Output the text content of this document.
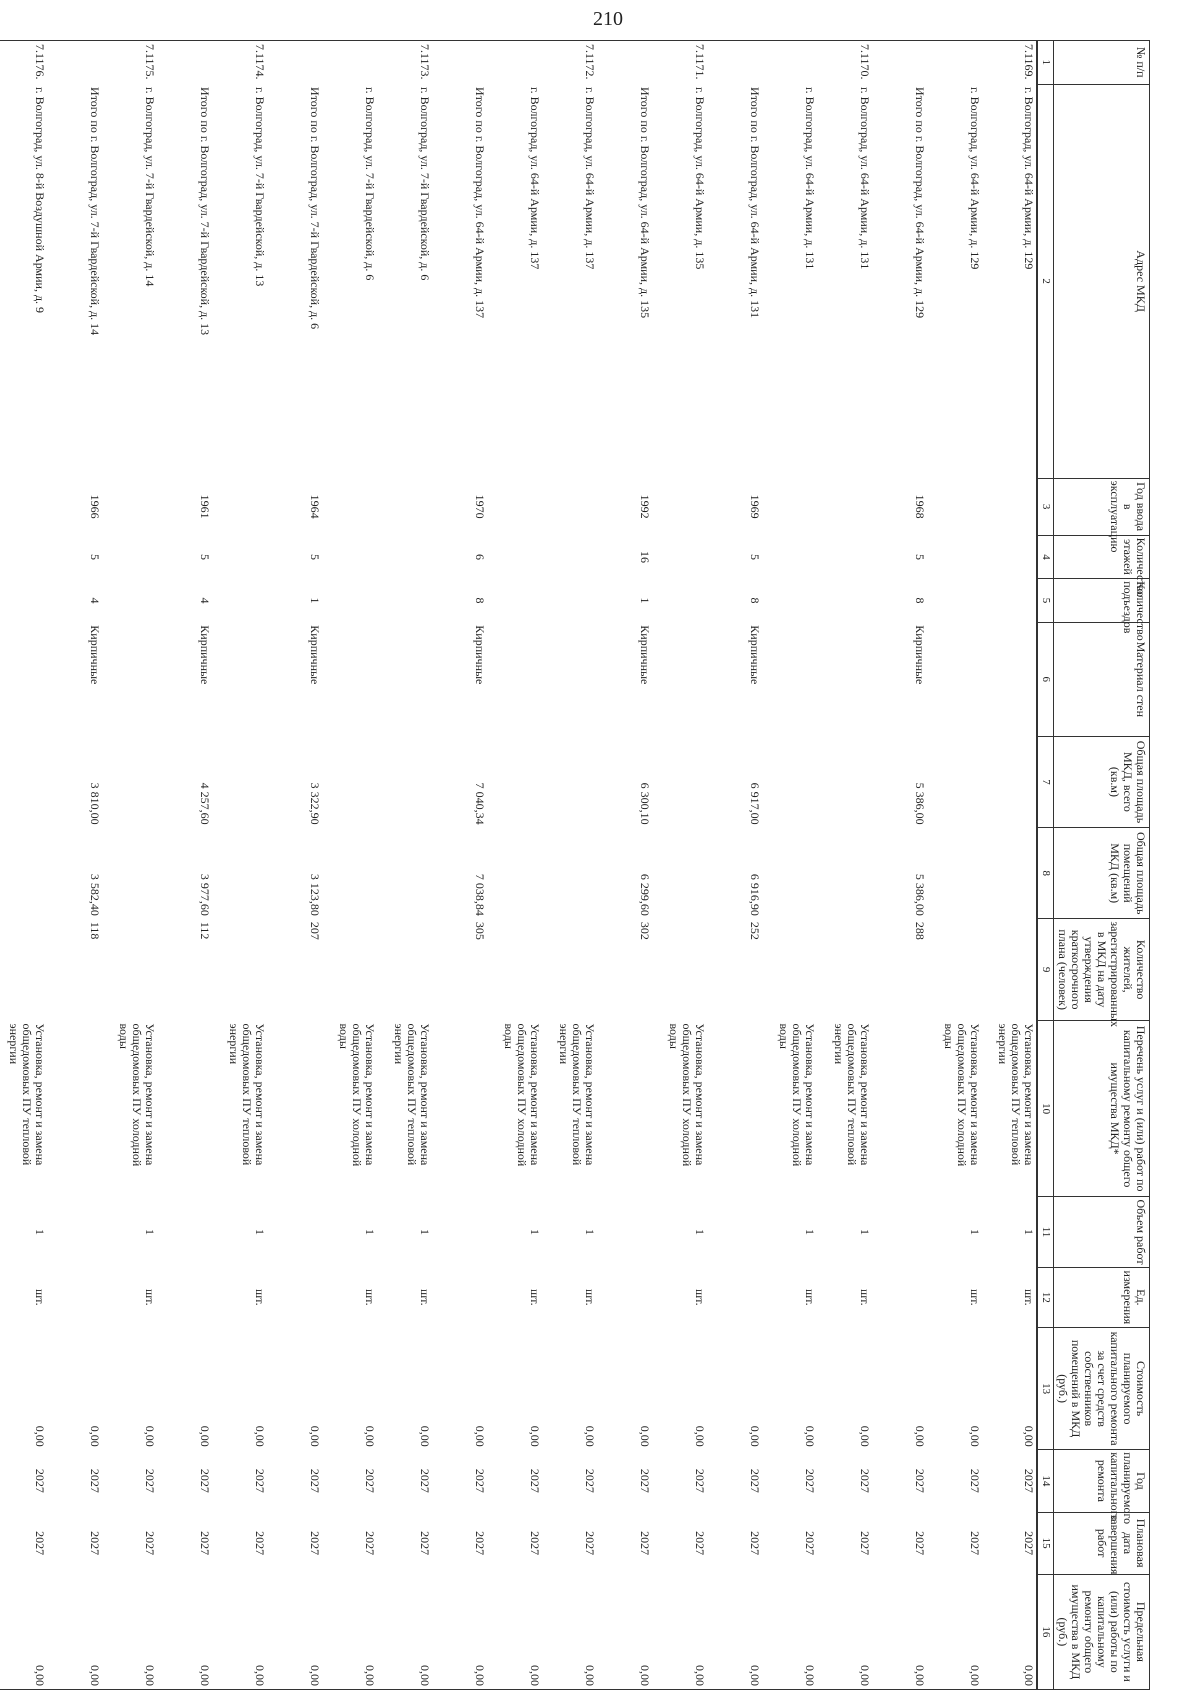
210
№ п/п	Адрес МКД	Год ввода в эксплуатацию	Количество этажей	Количество подъездов	Материал стен	Общая площадь МКД, всего (кв.м)	Общая площадь помещений МКД (кв.м)	Количество жителей, зарегистрированных в МКД на дату утверждения краткосрочного плана (человек)	Перечень услуг и (или) работ по капитальному ремонту общего имущества МКД*	Объем работ	Ед. измерения	Стоимость планируемого капитального ремонта за счет средств собственников помещений в МКД (руб.)	Год планируемого капитального ремонта	Плановая дата завершения работ	Предельная стоимость услуги и (или) работы по капитальному ремонту общего имущества в МКД (руб.)
1	2	3	4	5	6	7	8	9	10	11	12	13	14	15	16
7.1169.	г. Волгоград, ул. 64-й Армии, д. 129								Установка, ремонт и замена общедомовых ПУ тепловой энергии	1	шт.	0,00	2027	2027	0,00
	г. Волгоград, ул. 64-й Армии, д. 129								Установка, ремонт и замена общедомовых ПУ холодной воды	1	шт.	0,00	2027	2027	0,00
	Итого по г. Волгоград, ул. 64-й Армии, д. 129	1968	5	8	Кирпичные	5 386,00	5 386,00	288				0,00	2027	2027	0,00
7.1170.	г. Волгоград, ул. 64-й Армии, д. 131								Установка, ремонт и замена общедомовых ПУ тепловой энергии	1	шт.	0,00	2027	2027	0,00
	г. Волгоград, ул. 64-й Армии, д. 131								Установка, ремонт и замена общедомовых ПУ холодной воды	1	шт.	0,00	2027	2027	0,00
	Итого по г. Волгоград, ул. 64-й Армии, д. 131	1969	5	8	Кирпичные	6 917,00	6 916,90	252				0,00	2027	2027	0,00
7.1171.	г. Волгоград, ул. 64-й Армии, д. 135								Установка, ремонт и замена общедомовых ПУ холодной воды	1	шт.	0,00	2027	2027	0,00
	Итого по г. Волгоград, ул. 64-й Армии, д. 135	1992	16	1	Кирпичные	6 300,10	6 299,60	302				0,00	2027	2027	0,00
7.1172.	г. Волгоград, ул. 64-й Армии, д. 137								Установка, ремонт и замена общедомовых ПУ тепловой энергии	1	шт.	0,00	2027	2027	0,00
	г. Волгоград, ул. 64-й Армии, д. 137								Установка, ремонт и замена общедомовых ПУ холодной воды	1	шт.	0,00	2027	2027	0,00
	Итого по г. Волгоград, ул. 64-й Армии, д. 137	1970	6	8	Кирпичные	7 040,34	7 038,84	305				0,00	2027	2027	0,00
7.1173.	г. Волгоград, ул. 7-й Гвардейской, д. 6								Установка, ремонт и замена общедомовых ПУ тепловой энергии	1	шт.	0,00	2027	2027	0,00
	г. Волгоград, ул. 7-й Гвардейской, д. 6								Установка, ремонт и замена общедомовых ПУ холодной воды	1	шт.	0,00	2027	2027	0,00
	Итого по г. Волгоград, ул. 7-й Гвардейской, д. 6	1964	5	1	Кирпичные	3 322,90	3 123,80	207				0,00	2027	2027	0,00
7.1174.	г. Волгоград, ул. 7-й Гвардейской, д. 13								Установка, ремонт и замена общедомовых ПУ тепловой энергии	1	шт.	0,00	2027	2027	0,00
	Итого по г. Волгоград, ул. 7-й Гвардейской, д. 13	1961	5	4	Кирпичные	4 257,60	3 977,60	112				0,00	2027	2027	0,00
7.1175.	г. Волгоград, ул. 7-й Гвардейской, д. 14								Установка, ремонт и замена общедомовых ПУ холодной воды	1	шт.	0,00	2027	2027	0,00
	Итого по г. Волгоград, ул. 7-й Гвардейской, д. 14	1966	5	4	Кирпичные	3 810,00	3 582,40	118				0,00	2027	2027	0,00
7.1176.	г. Волгоград, ул. 8-й Воздушной Армии, д. 9								Установка, ремонт и замена общедомовых ПУ тепловой энергии	1	шт.	0,00	2027	2027	0,00
